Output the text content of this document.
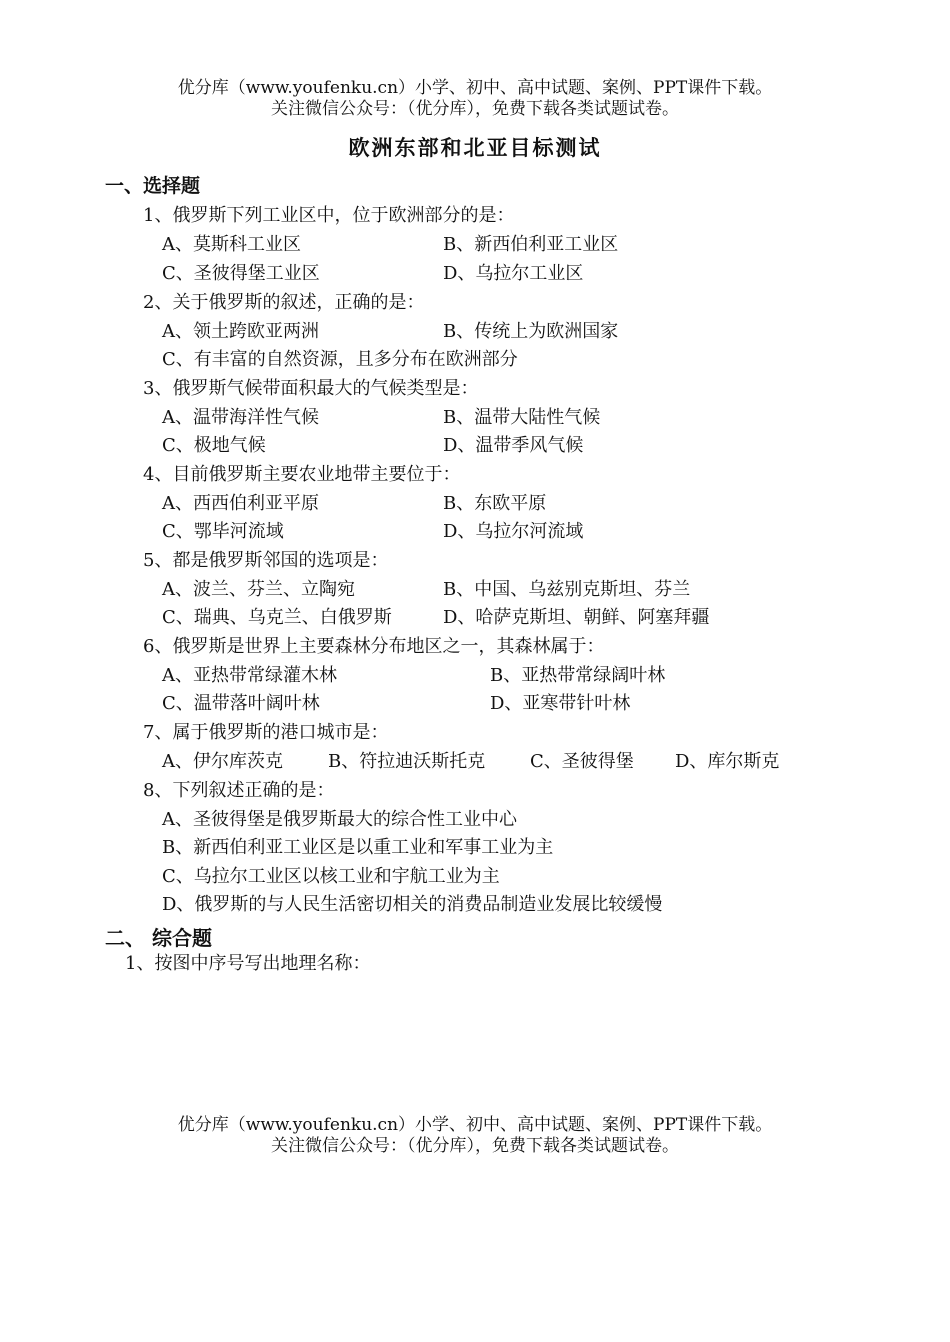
优分库（www.youfenku.cn）小学、初中、高中试题、案例、PPT课件下载。
关注微信公众号：（优分库），免费下载各类试题试卷。
欧洲东部和北亚目标测试
一、选择题
1、俄罗斯下列工业区中，位于欧洲部分的是：
A、莫斯科工业区	B、新西伯利亚工业区
C、圣彼得堡工业区	D、乌拉尔工业区
2、关于俄罗斯的叙述，正确的是：
A、领土跨欧亚两洲	B、传统上为欧洲国家
C、有丰富的自然资源，且多分布在欧洲部分
3、俄罗斯气候带面积最大的气候类型是：
A、温带海洋性气候	B、温带大陆性气候
C、极地气候	D、温带季风气候
4、目前俄罗斯主要农业地带主要位于：
A、西西伯利亚平原	B、东欧平原
C、鄂毕河流域	D、乌拉尔河流域
5、都是俄罗斯邻国的选项是：
A、波兰、芬兰、立陶宛	B、中国、乌兹别克斯坦、芬兰
C、瑞典、乌克兰、白俄罗斯	D、哈萨克斯坦、朝鲜、阿塞拜疆
6、俄罗斯是世界上主要森林分布地区之一，其森林属于：
A、亚热带常绿灌木林	B、亚热带常绿阔叶林
C、温带落叶阔叶林	D、亚寒带针叶林
7、属于俄罗斯的港口城市是：
A、伊尔库茨克	B、符拉迪沃斯托克 C、圣彼得堡 D、库尔斯克
8、下列叙述正确的是：
A、圣彼得堡是俄罗斯最大的综合性工业中心
B、新西伯利亚工业区是以重工业和军事工业为主
C、乌拉尔工业区以核工业和宇航工业为主
D、俄罗斯的与人民生活密切相关的消费品制造业发展比较缓慢
二、 综合题
1、按图中序号写出地理名称：
优分库（www.youfenku.cn）小学、初中、高中试题、案例、PPT课件下载。
关注微信公众号：（优分库），免费下载各类试题试卷。
